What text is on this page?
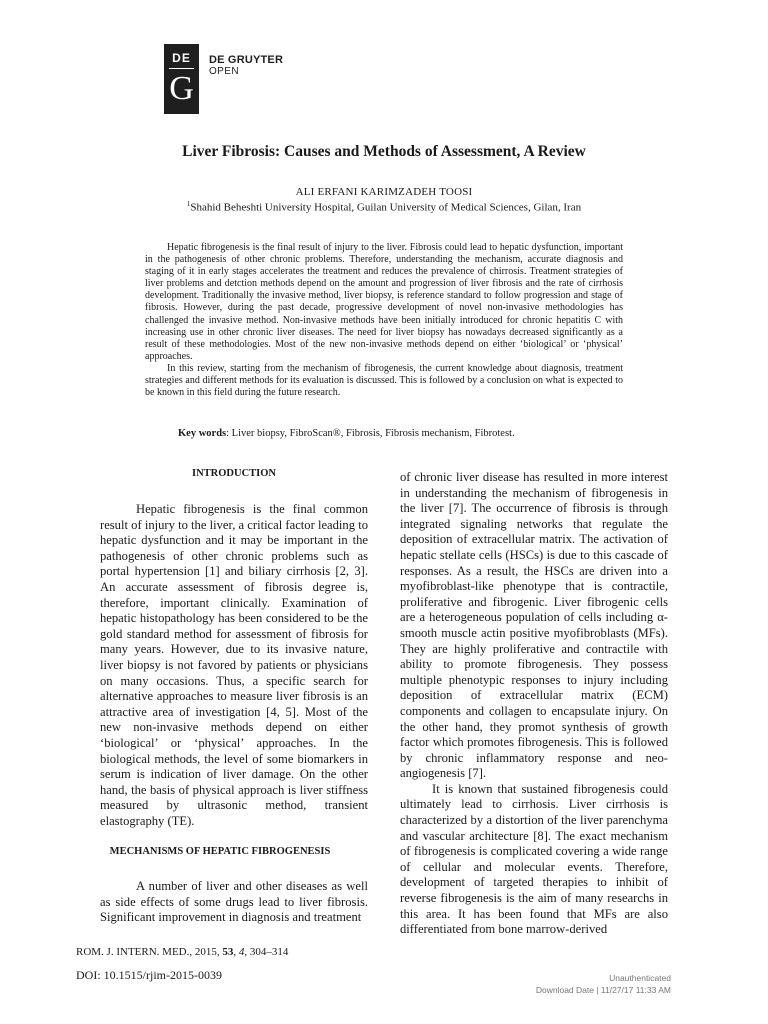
DE
G
DE GRUYTER
OPEN
Liver Fibrosis: Causes and Methods of Assessment, A Review
ALI ERFANI KARIMZADEH TOOSI
$^1$Shahid Beheshti University Hospital, Guilan University of Medical Sciences, Gilan, Iran

Hepatic fibrogenesis is the final result of injury to the liver. Fibrosis could lead to hepatic dysfunction, important in the pathogenesis of other chronic problems. Therefore, understanding the mechanism, accurate diagnosis and staging of it in early stages accelerates the treatment and reduces the prevalence of chirrosis. Treatment strategies of liver problems and detction methods depend on the amount and progression of liver fibrosis and the rate of cirrhosis development. Traditionally the invasive method, liver biopsy, is reference standard to follow progression and stage of fibrosis. However, during the past decade, progressive development of novel non-invasive methodologies has challenged the invasive method. Non-invasive methods have been initially introduced for chronic hepatitis C with increasing use in other chronic liver diseases. The need for liver biopsy has nowadays decreased significantly as a result of these methodologies. Most of the new non-invasive methods depend on either ‘biological’ or ‘physical’ approaches.

In this review, starting from the mechanism of fibrogenesis, the current knowledge about diagnosis, treatment strategies and different methods for its evaluation is discussed. This is followed by a conclusion on what is expected to be known in this field during the future research.

Key words: Liver biopsy, FibroScan®, Fibrosis, Fibrosis mechanism, Fibrotest.
INTRODUCTION

Hepatic fibrogenesis is the final common result of injury to the liver, a critical factor leading to hepatic dysfunction and it may be important in the pathogenesis of other chronic problems such as portal hypertension [1] and biliary cirrhosis [2, 3]. An accurate assessment of fibrosis degree is, therefore, important clinically. Examination of hepatic histopathology has been considered to be the gold standard method for assessment of fibrosis for many years. However, due to its invasive nature, liver biopsy is not favored by patients or physicians on many occasions. Thus, a specific search for alternative approaches to measure liver fibrosis is an attractive area of investigation [4, 5]. Most of the new non-invasive methods depend on either ‘biological’ or ‘physical’ approaches. In the biological methods, the level of some biomarkers in serum is indication of liver damage. On the other hand, the basis of physical approach is liver stiffness measured by ultrasonic method, transient elastography (TE).

MECHANISMS OF HEPATIC FIBROGENESIS

A number of liver and other diseases as well as side effects of some drugs lead to liver fibrosis. Significant improvement in diagnosis and treatment

of chronic liver disease has resulted in more interest in understanding the mechanism of fibrogenesis in the liver [7]. The occurrence of fibrosis is through integrated signaling networks that regulate the deposition of extracellular matrix. The activation of hepatic stellate cells (HSCs) is due to this cascade of responses. As a result, the HSCs are driven into a myofibroblast-like phenotype that is contractile, proliferative and fibrogenic. Liver fibrogenic cells are a heterogeneous population of cells including α-smooth muscle actin positive myofibroblasts (MFs). They are highly proliferative and contractile with ability to promote fibrogenesis. They possess multiple phenotypic responses to injury including deposition of extracellular matrix (ECM) components and collagen to encapsulate injury. On the other hand, they promot synthesis of growth factor which promotes fibrogenesis. This is followed by chronic inflammatory response and neo-angiogenesis [7].

It is known that sustained fibrogenesis could ultimately lead to cirrhosis. Liver cirrhosis is characterized by a distortion of the liver parenchyma and vascular architecture [8]. The exact mechanism of fibrogenesis is complicated covering a wide range of cellular and molecular events. Therefore, development of targeted therapies to inhibit of reverse fibrogenesis is the aim of many researchs in this area. It has been found that MFs are also differentiated from bone marrow-derived

ROM. J. INTERN. MED., 2015, 53, 4, 304–314
DOI: 10.1515/rjim-2015-0039	Unauthenticated
Download Date | 11/27/17 11:33 AM
